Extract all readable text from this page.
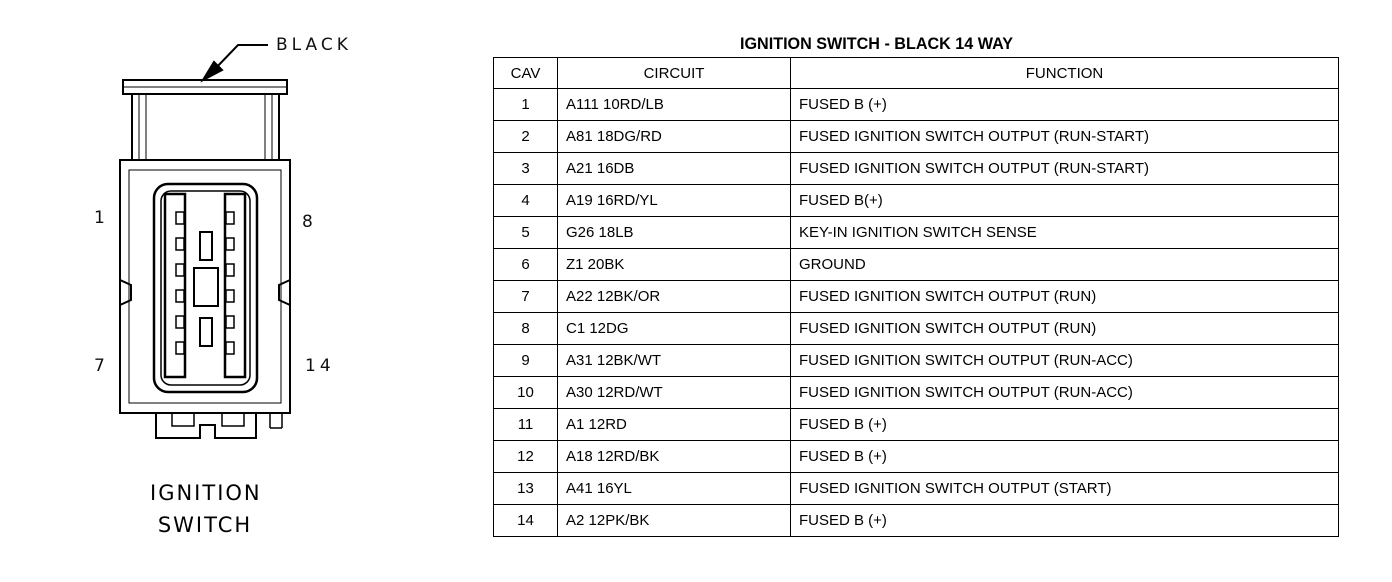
BLACK
1	8
7	14
IGNITION
SWITCH
IGNITION SWITCH - BLACK 14 WAY
CAV	CIRCUIT	FUNCTION
1	A111 10RD/LB	FUSED B (+)
2	A81 18DG/RD	FUSED IGNITION SWITCH OUTPUT (RUN-START)
3	A21 16DB	FUSED IGNITION SWITCH OUTPUT (RUN-START)
4	A19 16RD/YL	FUSED B(+)
5	G26 18LB	KEY-IN IGNITION SWITCH SENSE
6	Z1 20BK	GROUND
7	A22 12BK/OR	FUSED IGNITION SWITCH OUTPUT (RUN)
8	C1 12DG	FUSED IGNITION SWITCH OUTPUT (RUN)
9	A31 12BK/WT	FUSED IGNITION SWITCH OUTPUT (RUN-ACC)
10	A30 12RD/WT	FUSED IGNITION SWITCH OUTPUT (RUN-ACC)
11	A1 12RD	FUSED B (+)
12	A18 12RD/BK	FUSED B (+)
13	A41 16YL	FUSED IGNITION SWITCH OUTPUT (START)
14	A2 12PK/BK	FUSED B (+)
